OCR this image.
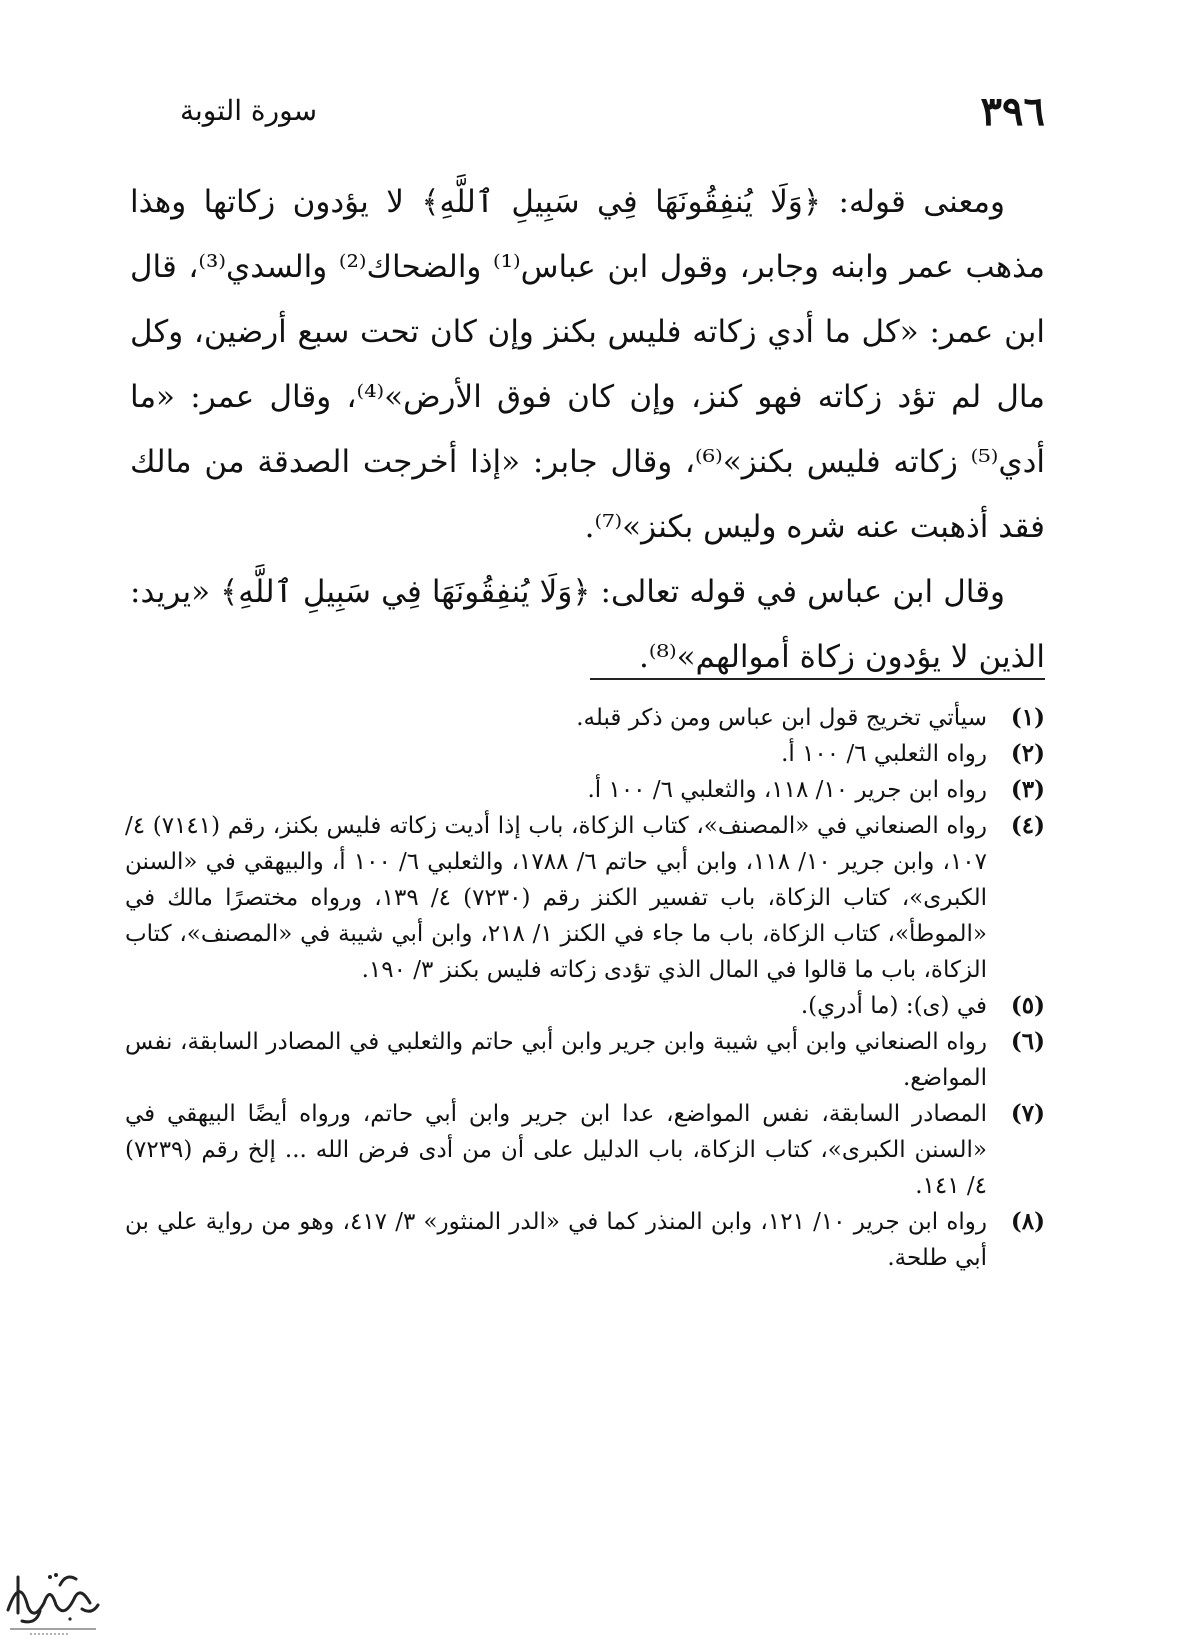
٣٩٦
سورة التوبة

ومعنى قوله: ﴿وَلَا يُنفِقُونَهَا فِي سَبِيلِ ٱللَّهِ﴾ لا يؤدون زكاتها وهذا مذهب عمر وابنه وجابر، وقول ابن عباس⁽¹⁾ والضحاك⁽²⁾ والسدي⁽³⁾، قال ابن عمر: «كل ما أدي زكاته فليس بكنز وإن كان تحت سبع أرضين، وكل مال لم تؤد زكاته فهو كنز، وإن كان فوق الأرض»⁽⁴⁾، وقال عمر: «ما أدي⁽⁵⁾ زكاته فليس بكنز»⁽⁶⁾، وقال جابر: «إذا أخرجت الصدقة من مالك فقد أذهبت عنه شره وليس بكنز»⁽⁷⁾.

وقال ابن عباس في قوله تعالى: ﴿وَلَا يُنفِقُونَهَا فِي سَبِيلِ ٱللَّهِ﴾ «يريد: الذين لا يؤدون زكاة أموالهم»⁽⁸⁾.

(١)
سيأتي تخريج قول ابن عباس ومن ذكر قبله.
(٢)
رواه الثعلبي ٦/ ١٠٠ أ.
(٣)
رواه ابن جرير ١٠/ ١١٨، والثعلبي ٦/ ١٠٠ أ.
(٤)
رواه الصنعاني في «المصنف»، كتاب الزكاة، باب إذا أديت زكاته فليس بكنز، رقم (٧١٤١) ٤/ ١٠٧، وابن جرير ١٠/ ١١٨، وابن أبي حاتم ٦/ ١٧٨٨، والثعلبي ٦/ ١٠٠ أ، والبيهقي في «السنن الكبرى»، كتاب الزكاة، باب تفسير الكنز رقم (٧٢٣٠) ٤/ ١٣٩، ورواه مختصرًا مالك في «الموطأ»، كتاب الزكاة، باب ما جاء في الكنز ١/ ٢١٨، وابن أبي شيبة في «المصنف»، كتاب الزكاة، باب ما قالوا في المال الذي تؤدى زكاته فليس بكنز ٣/ ١٩٠.
(٥)
في (ى): (ما أدري).
(٦)
رواه الصنعاني وابن أبي شيبة وابن جرير وابن أبي حاتم والثعلبي في المصادر السابقة، نفس المواضع.
(٧)
المصادر السابقة، نفس المواضع، عدا ابن جرير وابن أبي حاتم، ورواه أيضًا البيهقي في «السنن الكبرى»، كتاب الزكاة، باب الدليل على أن من أدى فرض الله ... إلخ رقم (٧٢٣٩) ٤/ ١٤١.
(٨)
رواه ابن جرير ١٠/ ١٢١، وابن المنذر كما في «الدر المنثور» ٣/ ٤١٧، وهو من رواية علي بن أبي طلحة.
